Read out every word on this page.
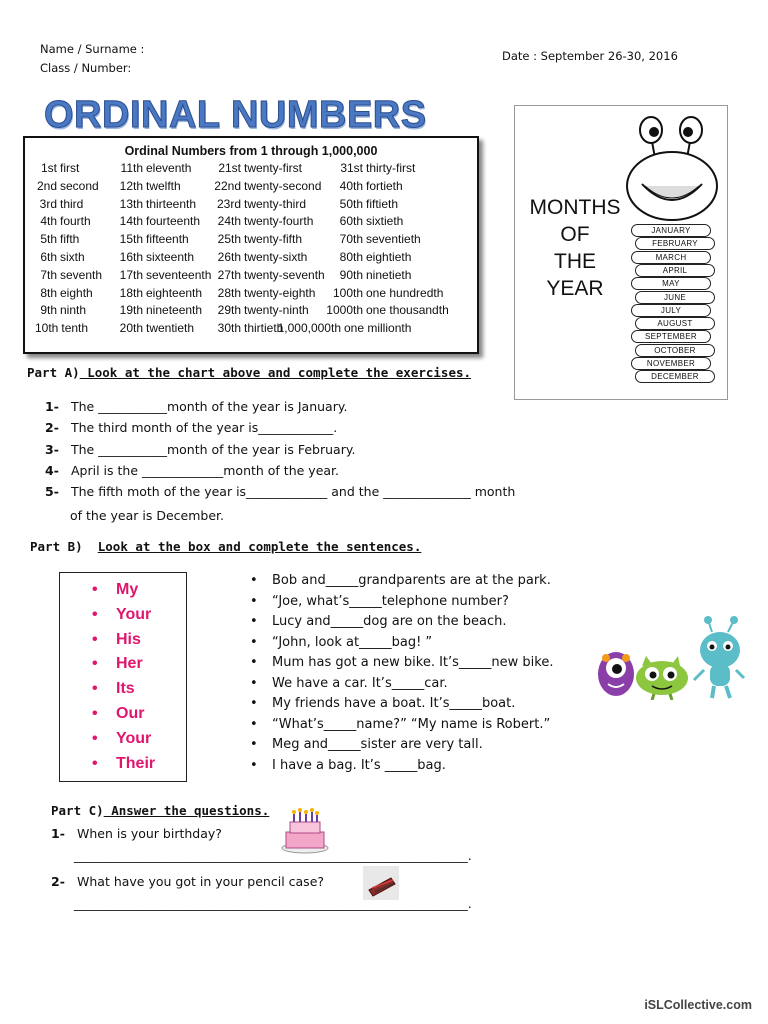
Name / Surname :
Class / Number:
Date : September 26-30, 2016
ORDINAL NUMBERS
Ordinal Numbers from 1 through 1,000,000
1st first
2nd second
3rd third
4th fourth
5th fifth
6th sixth
7th seventh
8th eighth
9th ninth
10th tenth
11th eleventh
12th twelfth
13th thirteenth
14th fourteenth
15th fifteenth
16th sixteenth
17th seventeenth
18th eighteenth
19th nineteenth
20th twentieth
21st twenty-first
22nd twenty-second
23rd twenty-third
24th twenty-fourth
25th twenty-fifth
26th twenty-sixth
27th twenty-seventh
28th twenty-eighth
29th twenty-ninth
30th thirtieth
31st thirty-first
40th fortieth
50th fiftieth
60th sixtieth
70th seventieth
80th eightieth
90th ninetieth
100th one hundredth
1000th one thousandth
1,000,000th one millionth
MONTHS
OF
THE
YEAR
JANUARY
FEBRUARY
MARCH
APRIL
MAY
JUNE
JULY
AUGUST
SEPTEMBER
OCTOBER
NOVEMBER
DECEMBER
Part A) Look at the chart above and complete the exercises.
1- The ___________month of the year is January.
2- The third month of the year is____________.
3- The ___________month of the year is February.
4- April is the _____________month of the year.
5- The fifth moth of the year is_____________ and the ______________ month
of the year is December.
Part B) Look at the box and complete the sentences.
• My
• Your
• His
• Her
• Its
• Our
• Your
• Their
• Bob and_____grandparents are at the park.
• “Joe, what’s_____telephone number?
• Lucy and_____dog are on the beach.
• “John, look at_____bag! ”
• Mum has got a new bike. It’s_____new bike.
• We have a car. It’s_____car.
• My friends have a boat. It’s_____boat.
• “What’s_____name?” “My name is Robert.”
• Meg and_____sister are very tall.
• I have a bag. It’s _____bag.
Part C) Answer the questions.
1- When is your birthday?
_______________________________________________________________.
2- What have you got in your pencil case?
_______________________________________________________________.
iSLCollective.com
